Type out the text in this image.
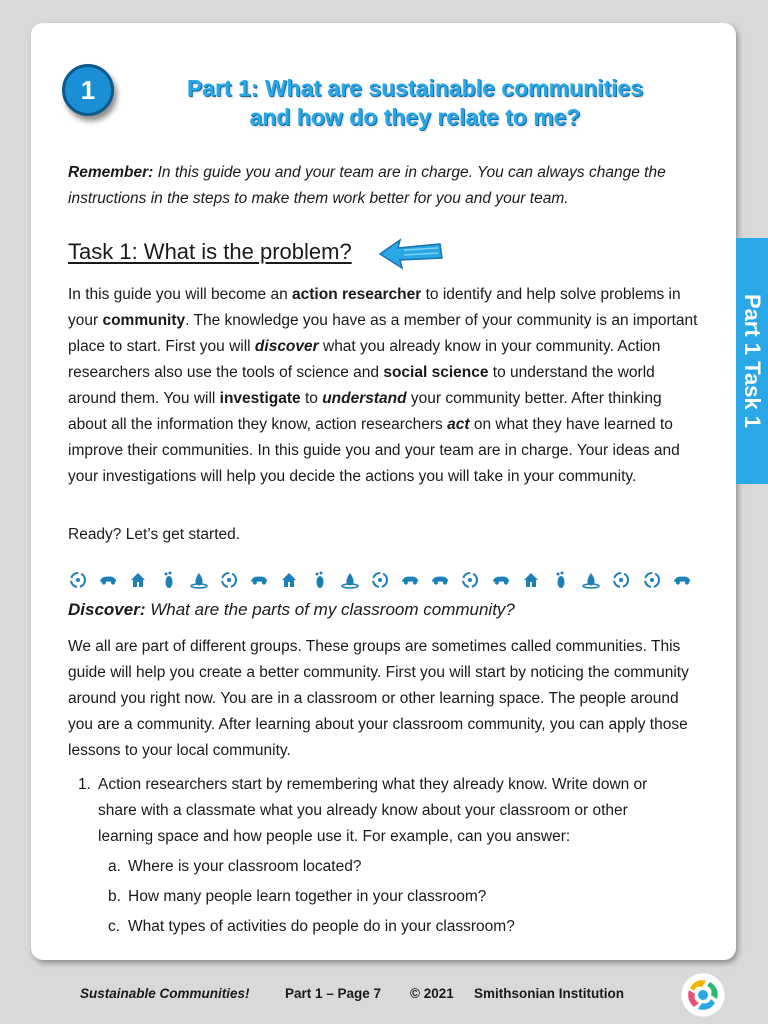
1	Part 1: What are sustainable communities
and how do they relate to me?
Remember: In this guide you and your team are in charge. You can always change the instructions in the steps to make them work better for you and your team.
Task 1: What is the problem?
In this guide you will become an action researcher to identify and help solve problems in your community. The knowledge you have as a member of your community is an important place to start. First you will discover what you already know in your community. Action researchers also use the tools of science and social science to understand the world around them. You will investigate to understand your community better. After thinking about all the information they know, action researchers act on what they have learned to improve their communities. In this guide you and your team are in charge. Your ideas and your investigations will help you decide the actions you will take in your community.
Ready? Let’s get started.
Discover: What are the parts of my classroom community?
We all are part of different groups. These groups are sometimes called communities. This guide will help you create a better community. First you will start by noticing the community around you right now. You are in a classroom or other learning space. The people around you are a community. After learning about your classroom community, you can apply those lessons to your local community.
1. Action researchers start by remembering what they already know. Write down or share with a classmate what you already know about your classroom or other learning space and how people use it. For example, can you answer:
a. Where is your classroom located?
b. How many people learn together in your classroom?
c. What types of activities do people do in your classroom?
Part 1 Task 1
Sustainable Communities!	Part 1 – Page 7 © 2021 Smithsonian Institution
